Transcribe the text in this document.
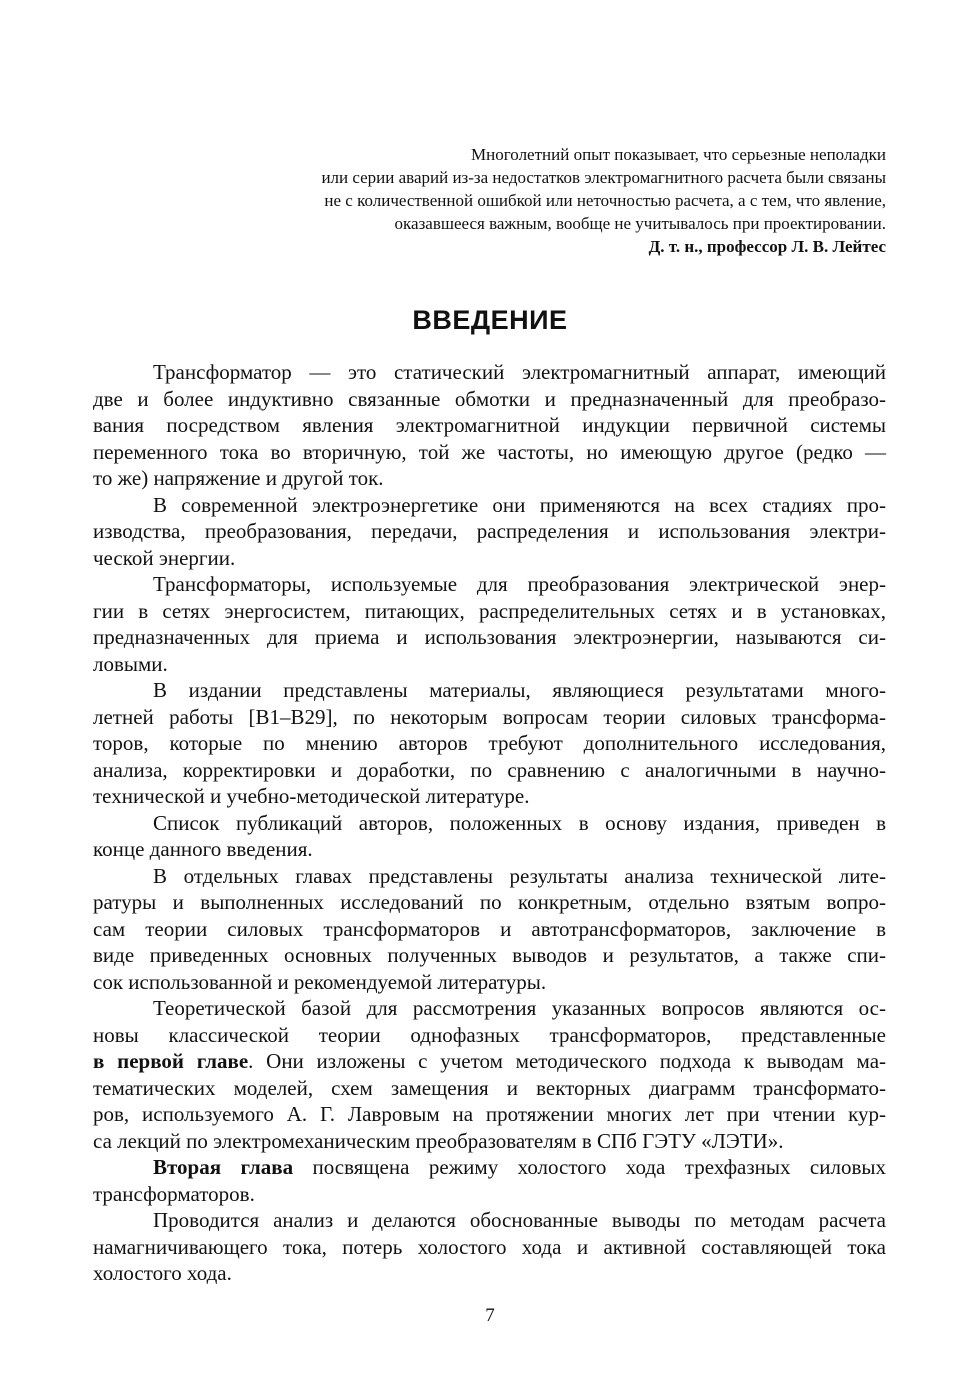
Многолетний опыт показывает, что серьезные неполадки
или серии аварий из-за недостатков электромагнитного расчета были связаны
не с количественной ошибкой или неточностью расчета, а с тем, что явление,
оказавшееся важным, вообще не учитывалось при проектировании.
Д. т. н., профессор Л. В. Лейтес
ВВЕДЕНИЕ
Трансформатор — это статический электромагнитный аппарат, имеющий
две и более индуктивно связанные обмотки и предназначенный для преобразо-
вания посредством явления электромагнитной индукции первичной системы
переменного тока во вторичную, той же частоты, но имеющую другое (редко —
то же) напряжение и другой ток.
В современной электроэнергетике они применяются на всех стадиях про-
изводства, преобразования, передачи, распределения и использования электри-
ческой энергии.
Трансформаторы, используемые для преобразования электрической энер-
гии в сетях энергосистем, питающих, распределительных сетях и в установках,
предназначенных для приема и использования электроэнергии, называются си-
ловыми.
В издании представлены материалы, являющиеся результатами много-
летней работы [В1–В29], по некоторым вопросам теории силовых трансформа-
торов, которые по мнению авторов требуют дополнительного исследования,
анализа, корректировки и доработки, по сравнению с аналогичными в научно-
технической и учебно-методической литературе.
Список публикаций авторов, положенных в основу издания, приведен в
конце данного введения.
В отдельных главах представлены результаты анализа технической лите-
ратуры и выполненных исследований по конкретным, отдельно взятым вопро-
сам теории силовых трансформаторов и автотрансформаторов, заключение в
виде приведенных основных полученных выводов и результатов, а также спи-
сок использованной и рекомендуемой литературы.
Теоретической базой для рассмотрения указанных вопросов являются ос-
новы классической теории однофазных трансформаторов, представленные
в первой главе. Они изложены с учетом методического подхода к выводам ма-
тематических моделей, схем замещения и векторных диаграмм трансформато-
ров, используемого А. Г. Лавровым на протяжении многих лет при чтении кур-
са лекций по электромеханическим преобразователям в СПб ГЭТУ «ЛЭТИ».
Вторая глава посвящена режиму холостого хода трехфазных силовых
трансформаторов.
Проводится анализ и делаются обоснованные выводы по методам расчета
намагничивающего тока, потерь холостого хода и активной составляющей тока
холостого хода.
7
